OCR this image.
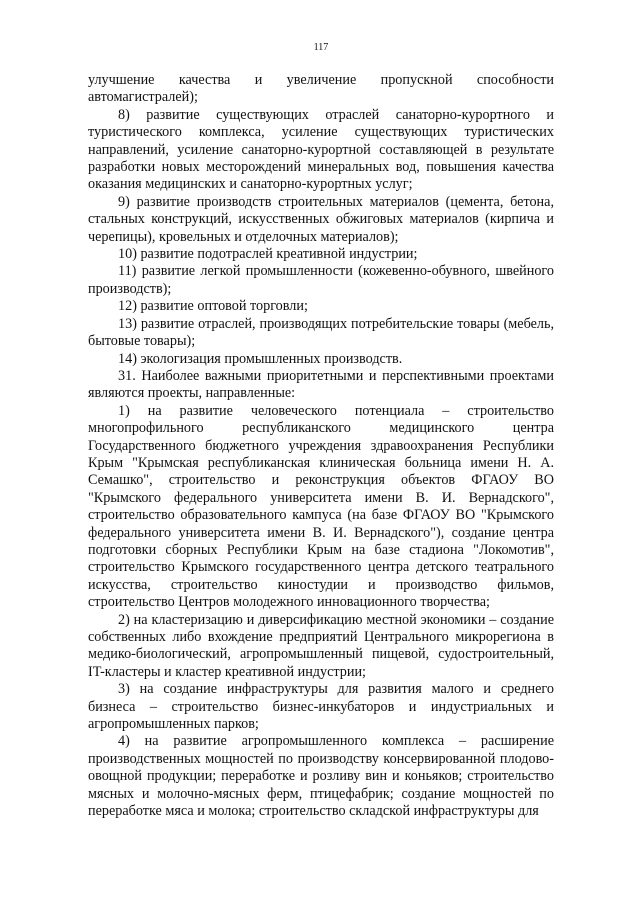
117

улучшение качества и увеличение пропускной способности автомагистралей);

8) развитие существующих отраслей санаторно-курортного и туристического комплекса, усиление существующих туристических направлений, усиление санаторно-курортной составляющей в результате разработки новых месторождений минеральных вод, повышения качества оказания медицинских и санаторно-курортных услуг;

9) развитие производств строительных материалов (цемента, бетона, стальных конструкций, искусственных обжиговых материалов (кирпича и черепицы), кровельных и отделочных материалов);

10) развитие подотраслей креативной индустрии;

11) развитие легкой промышленности (кожевенно-обувного, швейного производств);

12) развитие оптовой торговли;

13) развитие отраслей, производящих потребительские товары (мебель, бытовые товары);

14) экологизация промышленных производств.

31. Наиболее важными приоритетными и перспективными проектами являются проекты, направленные:

1) на развитие человеческого потенциала – строительство многопрофильного республиканского медицинского центра Государственного бюджетного учреждения здравоохранения Республики Крым "Крымская республиканская клиническая больница имени Н. А. Семашко", строительство и реконструкция объектов ФГАОУ ВО "Крымского федерального университета имени В. И. Вернадского", строительство образовательного кампуса (на базе ФГАОУ ВО "Крымского федерального университета имени В. И. Вернадского"), создание центра подготовки сборных Республики Крым на базе стадиона "Локомотив", строительство Крымского государственного центра детского театрального искусства, строительство киностудии и производство фильмов, строительство Центров молодежного инновационного творчества;

2) на кластеризацию и диверсификацию местной экономики – создание собственных либо вхождение предприятий Центрального микрорегиона в медико-биологический, агропромышленный пищевой, судостроительный, IT-кластеры и кластер креативной индустрии;

3) на создание инфраструктуры для развития малого и среднего бизнеса – строительство бизнес-инкубаторов и индустриальных и агропромышленных парков;

4) на развитие агропромышленного комплекса – расширение производственных мощностей по производству консервированной плодово-овощной продукции; переработке и розливу вин и коньяков; строительство мясных и молочно-мясных ферм, птицефабрик; создание мощностей по переработке мяса и молока; строительство складской инфраструктуры для
